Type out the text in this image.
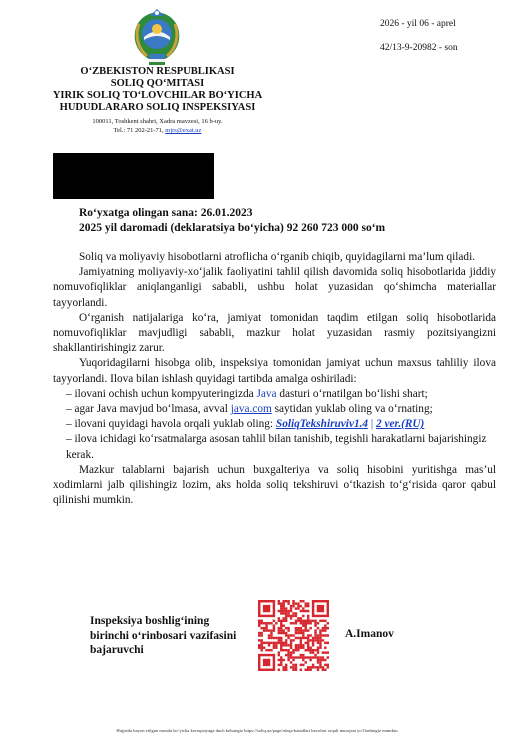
O‘ZBEKISTON RESPUBLIKASI
SOLIQ QO‘MITASI
YIRIK SOLIQ TO‘LOVCHILAR BO‘YICHA
HUDUDLARARO SOLIQ INSPEKSIYASI
100011, Toshkent shahri, Xadra mavzesi, 16 b-uy.
Tel.: 71 202-21-71, mjrs@exat.uz
2026 - yil 06 - aprel
42/13-9-20982 - son
Ro‘yxatga olingan sana: 26.01.2023
2025 yil daromadi (deklaratsiya bo‘yicha) 92 260 723 000 so‘m

Soliq va moliyaviy hisobotlarni atroflicha o‘rganib chiqib, quyidagilarni ma’lum qiladi.

Jamiyatning moliyaviy-xo‘jalik faoliyatini tahlil qilish davomida soliq hisobotlarida jiddiy nomuvofiqliklar aniqlanganligi sababli, ushbu holat yuzasidan qo‘shimcha materiallar tayyorlandi.

O‘rganish natijalariga ko‘ra, jamiyat tomonidan taqdim etilgan soliq hisobotlarida nomuvofiqliklar mavjudligi sababli, mazkur holat yuzasidan rasmiy pozitsiyangizni shakllantirishingiz zarur.

Yuqoridagilarni hisobga olib, inspeksiya tomonidan jamiyat uchun maxsus tahliliy ilova tayyorlandi. Ilova bilan ishlash quyidagi tartibda amalga oshiriladi:

– ilovani ochish uchun kompyuteringizda Java dasturi o‘rnatilgan bo‘lishi shart;
– agar Java mavjud bo‘lmasa, avval java.com saytidan yuklab oling va o‘rnating;
– ilovani quyidagi havola orqali yuklab oling: SoliqTekshiruviv1.4 | 2 ver.(RU)
– ilova ichidagi ko‘rsatmalarga asosan tahlil bilan tanishib, tegishli harakatlarni bajarishingiz kerak.

Mazkur talablarni bajarish uchun buxgalteriya va soliq hisobini yuritishga mas’ul xodimlarni jalb qilishingiz lozim, aks holda soliq tekshiruvi o‘tkazish to‘g‘risida qaror qabul qilinishi mumkin.

Inspeksiya boshlig‘ining birinchi o‘rinbosari vazifasini bajaruvchi
A.Imanov
Hujjatda bayon etilgan masala bo‘yicha korrupsiyaga duch kelsangiz https://soliq.uz/page/aloqa-kanallari havolasi orqali murojaat yo‘llashingiz mumkin.
